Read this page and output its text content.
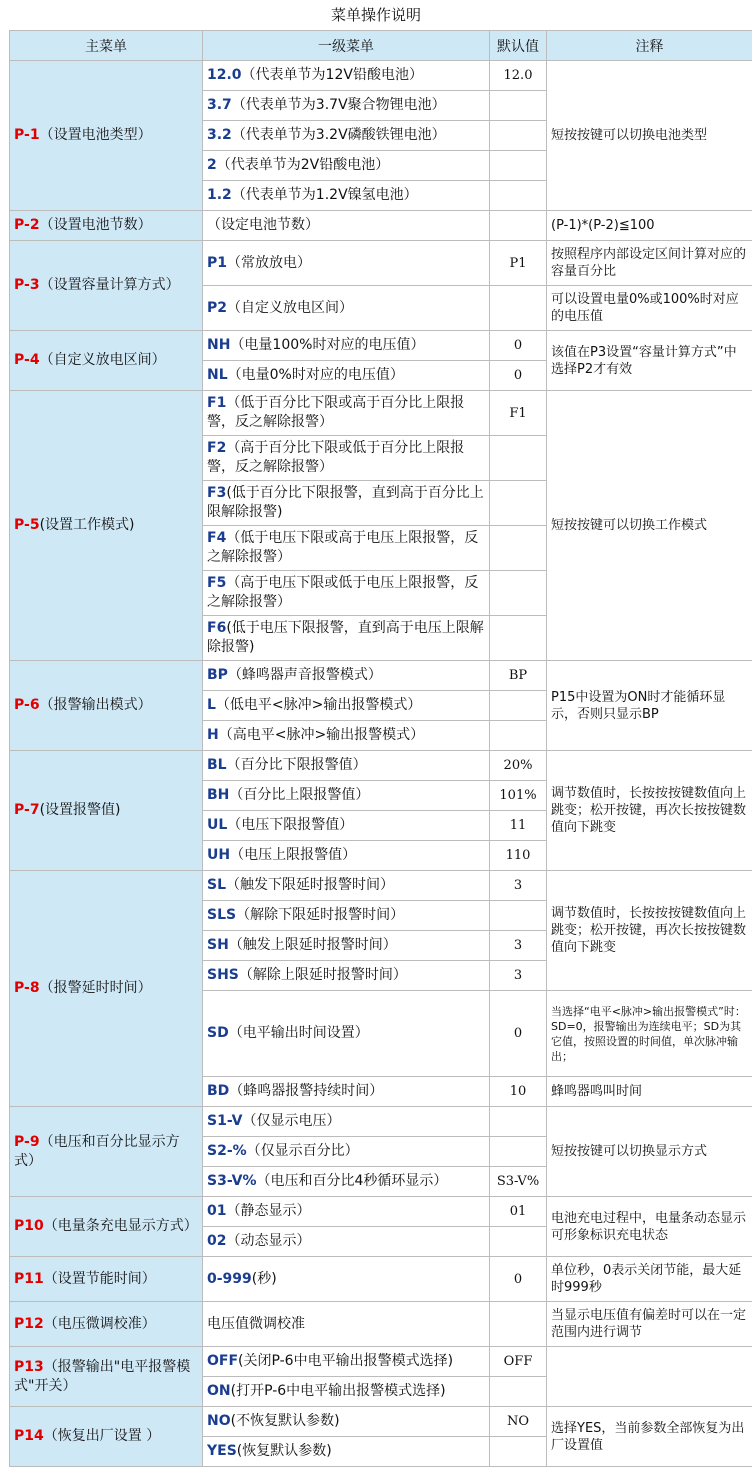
菜单操作说明
主菜单	一级菜单	默认值	注释
P-1（设置电池类型）	12.0（代表单节为12V铅酸电池）	12.0	短按按键可以切换电池类型
	3.7（代表单节为3.7V聚合物锂电池）		
	3.2（代表单节为3.2V磷酸铁锂电池）		
	2（代表单节为2V铅酸电池）		
	1.2（代表单节为1.2V镍氢电池）		
P-2（设置电池节数）	（设定电池节数）		(P-1)*(P-2)≦100
P-3（设置容量计算方式）	P1（常放放电）	P1	按照程序内部设定区间计算对应的容量百分比
	P2（自定义放电区间）		可以设置电量0%或100%时对应的电压值
P-4（自定义放电区间）	NH（电量100%时对应的电压值）	0	该值在P3设置“容量计算方式”中选择P2才有效
	NL（电量0%时对应的电压值）	0	
P-5(设置工作模式)	F1（低于百分比下限或高于百分比上限报警，反之解除报警）	F1	短按按键可以切换工作模式
	F2（高于百分比下限或低于百分比上限报警，反之解除报警）		
	F3(低于百分比下限报警，直到高于百分比上限解除报警)		
	F4（低于电压下限或高于电压上限报警，反之解除报警）		
	F5（高于电压下限或低于电压上限报警，反之解除报警）		
	F6(低于电压下限报警，直到高于电压上限解除报警)		
P-6（报警输出模式）	BP（蜂鸣器声音报警模式）	BP	P15中设置为ON时才能循环显示，否则只显示BP
	L（低电平<脉冲>输出报警模式）		
	H（高电平<脉冲>输出报警模式）		
P-7(设置报警值)	BL（百分比下限报警值）	20%	调节数值时，长按按按键数值向上跳变；松开按键，再次长按按键数值向下跳变
	BH（百分比上限报警值）	101%	
	UL（电压下限报警值）	11	
	UH（电压上限报警值）	110	
P-8（报警延时时间）	SL（触发下限延时报警时间）	3	调节数值时，长按按按键数值向上跳变；松开按键，再次长按按键数值向下跳变
	SLS（解除下限延时报警时间）		
	SH（触发上限延时报警时间）	3	
	SHS（解除上限延时报警时间）	3	
	SD（电平输出时间设置）	0	当选择“电平<脉冲>输出报警模式”时：SD=0，报警输出为连续电平；SD为其它值，按照设置的时间值，单次脉冲输出；
	BD（蜂鸣器报警持续时间）	10	蜂鸣器鸣叫时间
P-9（电压和百分比显示方式）	S1-V（仅显示电压）		短按按键可以切换显示方式
	S2-%（仅显示百分比）		
	S3-V%（电压和百分比4秒循环显示）	S3-V%	
P10（电量条充电显示方式）	01（静态显示）	01	电池充电过程中，电量条动态显示可形象标识充电状态
	02（动态显示）		
P11（设置节能时间）	0-999(秒)	0	单位秒，0表示关闭节能，最大延时999秒
P12（电压微调校准）	电压值微调校准		当显示电压值有偏差时可以在一定范围内进行调节
P13（报警输出"电平报警模式"开关）	OFF(关闭P-6中电平输出报警模式选择)	OFF	
	ON(打开P-6中电平输出报警模式选择)		
P14（恢复出厂设置 ）	NO(不恢复默认参数)	NO	选择YES，当前参数全部恢复为出厂设置值
	YES(恢复默认参数)		
